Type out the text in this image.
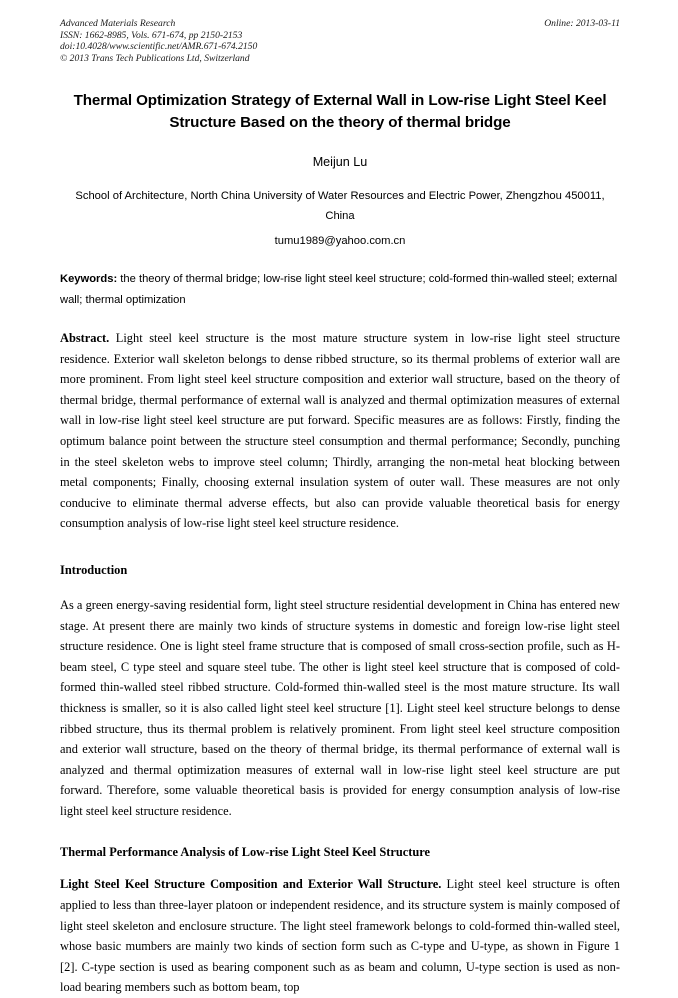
Advanced Materials Research
ISSN: 1662-8985, Vols. 671-674, pp 2150-2153
doi:10.4028/www.scientific.net/AMR.671-674.2150
© 2013 Trans Tech Publications Ltd, Switzerland
Online: 2013-03-11
Thermal Optimization Strategy of External Wall in Low-rise Light Steel Keel Structure Based on the theory of thermal bridge
Meijun Lu
School of Architecture, North China University of Water Resources and Electric Power, Zhengzhou 450011, China
tumu1989@yahoo.com.cn
Keywords: the theory of thermal bridge; low-rise light steel keel structure; cold-formed thin-walled steel; external wall; thermal optimization
Abstract. Light steel keel structure is the most mature structure system in low-rise light steel structure residence. Exterior wall skeleton belongs to dense ribbed structure, so its thermal problems of exterior wall are more prominent. From light steel keel structure composition and exterior wall structure, based on the theory of thermal bridge, thermal performance of external wall is analyzed and thermal optimization measures of external wall in low-rise light steel keel structure are put forward. Specific measures are as follows: Firstly, finding the optimum balance point between the structure steel consumption and thermal performance; Secondly, punching in the steel skeleton webs to improve steel column; Thirdly, arranging the non-metal heat blocking between metal components; Finally, choosing external insulation system of outer wall. These measures are not only conducive to eliminate thermal adverse effects, but also can provide valuable theoretical basis for energy consumption analysis of low-rise light steel keel structure residence.
Introduction
As a green energy-saving residential form, light steel structure residential development in China has entered new stage. At present there are mainly two kinds of structure systems in domestic and foreign low-rise light steel structure residence. One is light steel frame structure that is composed of small cross-section profile, such as H-beam steel, C type steel and square steel tube. The other is light steel keel structure that is composed of cold-formed thin-walled steel ribbed structure. Cold-formed thin-walled steel is the most mature structure. Its wall thickness is smaller, so it is also called light steel keel structure [1]. Light steel keel structure belongs to dense ribbed structure, thus its thermal problem is relatively prominent. From light steel keel structure composition and exterior wall structure, based on the theory of thermal bridge, its thermal performance of external wall is analyzed and thermal optimization measures of external wall in low-rise light steel keel structure are put forward. Therefore, some valuable theoretical basis is provided for energy consumption analysis of low-rise light steel keel structure residence.
Thermal Performance Analysis of Low-rise Light Steel Keel Structure
Light Steel Keel Structure Composition and Exterior Wall Structure. Light steel keel structure is often applied to less than three-layer platoon or independent residence, and its structure system is mainly composed of light steel skeleton and enclosure structure. The light steel framework belongs to cold-formed thin-walled steel, whose basic mumbers are mainly two kinds of section form such as C-type and U-type, as shown in Figure 1 [2]. C-type section is used as bearing component such as as beam and column, U-type section is used as non-load bearing members such as bottom beam, top
